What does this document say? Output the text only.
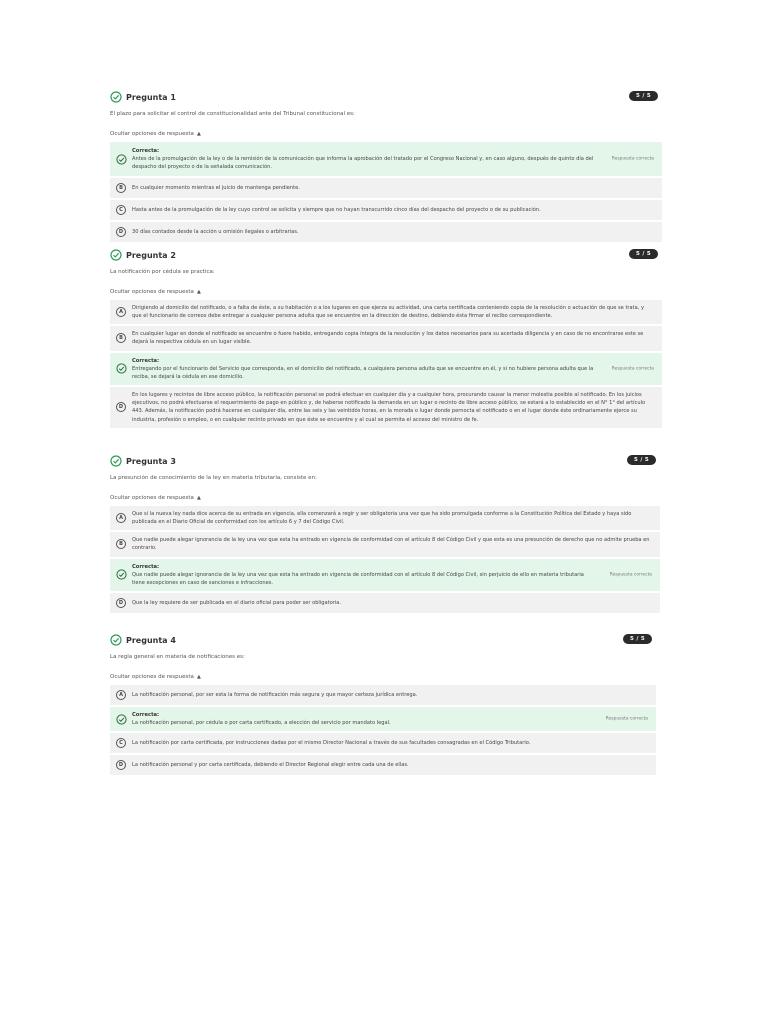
Pregunta 1	5 / 5
El plazo para solicitar el control de constitucionalidad ante del Tribunal constitucional es:
Ocultar opciones de respuesta ▲
Correcta:
Antes de la promulgación de la ley o de la remisión de la comunicación que informa la aprobación del tratado por el Congreso Nacional y, en caso alguno, después de quinto día del despacho del proyecto o de la señalada comunicación.
Respuesta correcta
B	En cualquier momento mientras el juicio de mantenga pendiente.
C	Hasta antes de la promulgación de la ley cuyo control se solicita y siempre que no hayan transcurrido cinco días del despacho del proyecto o de su publicación.
D	30 días contados desde la acción u omisión ilegales o arbitrarias.
Pregunta 2	5 / 5
La notificación por cédula se practica:
Ocultar opciones de respuesta ▲
A
Dirigiendo al domicilio del notificado, o a falta de éste, a su habitación o a los lugares en que ejerza su actividad, una carta certificada conteniendo copia de la resolución o actuación de que se trata, y que el funcionario de correos debe entregar a cualquier persona adulta que se encuentre en la dirección de destino, debiendo ésta firmar el recibo correspondiente.
B
En cualquier lugar en donde el notificado se encuentre o fuere habido, entregando copia íntegra de la resolución y los datos necesarios para su acertada diligencia y en caso de no encontrarse este se dejará la respectiva cédula en un lugar visible.
Correcta:
Entregando por el funcionario del Servicio que corresponda, en el domicilio del notificado, a cualquiera persona adulta que se encuentre en él, y si no hubiere persona adulta que la reciba, se dejará la cédula en ese domicilio.
Respuesta correcta
D
En los lugares y recintos de libre acceso público, la notificación personal se podrá efectuar en cualquier día y a cualquier hora, procurando causar la menor molestia posible al notificado. En los juicios ejecutivos, no podrá efectuarse el requerimiento de pago en público y, de haberse notificado la demanda en un lugar o recinto de libre acceso público, se estará a lo establecido en el N° 1° del artículo 443. Además, la notificación podrá hacerse en cualquier día, entre las seis y las veintidós horas, en la morada o lugar donde pernocta el notificado o en el lugar donde éste ordinariamente ejerce su industria, profesión o empleo, o en cualquier recinto privado en que éste se encuentre y al cual se permita el acceso del ministro de fe.
Pregunta 3	5 / 5
La presunción de conocimiento de la ley en materia tributaria, consiste en:
Ocultar opciones de respuesta ▲
A
Que si la nueva ley nada dice acerca de su entrada en vigencia, ella comenzará a regir y ser obligatoria una vez que ha sido promulgada conforme a la Constitución Política del Estado y haya sido publicada en el Diario Oficial de conformidad con los artículo 6 y 7 del Código Civil.
B
Que nadie puede alegar ignorancia de la ley una vez que esta ha entrado en vigencia de conformidad con el artículo 8 del Código Civil y que esta es una presunción de derecho que no admite prueba en contrario.
Correcta:
Que nadie puede alegar ignorancia de la ley una vez que esta ha entrado en vigencia de conformidad con el artículo 8 del Código Civil, sin perjuicio de ello en materia tributaria tiene excepciones en caso de sanciones e infracciones.
Respuesta correcta
D	Que la ley requiere de ser publicada en el diario oficial para poder ser obligatoria.
Pregunta 4	5 / 5
La regla general en materia de notificaciones es:
Ocultar opciones de respuesta ▲
A	La notificación personal, por ser esta la forma de notificación más segura y que mayor certeza jurídica entrega.
Correcta:
La notificación personal, por cédula o por carta certificado, a elección del servicio por mandato legal.
Respuesta correcta
C	La notificación por carta certificada, por instrucciones dadas por el mismo Director Nacional a través de sus facultades consagradas en el Código Tributario.
D	La notificación personal y por carta certificada, debiendo el Director Regional elegir entre cada una de ellas.
